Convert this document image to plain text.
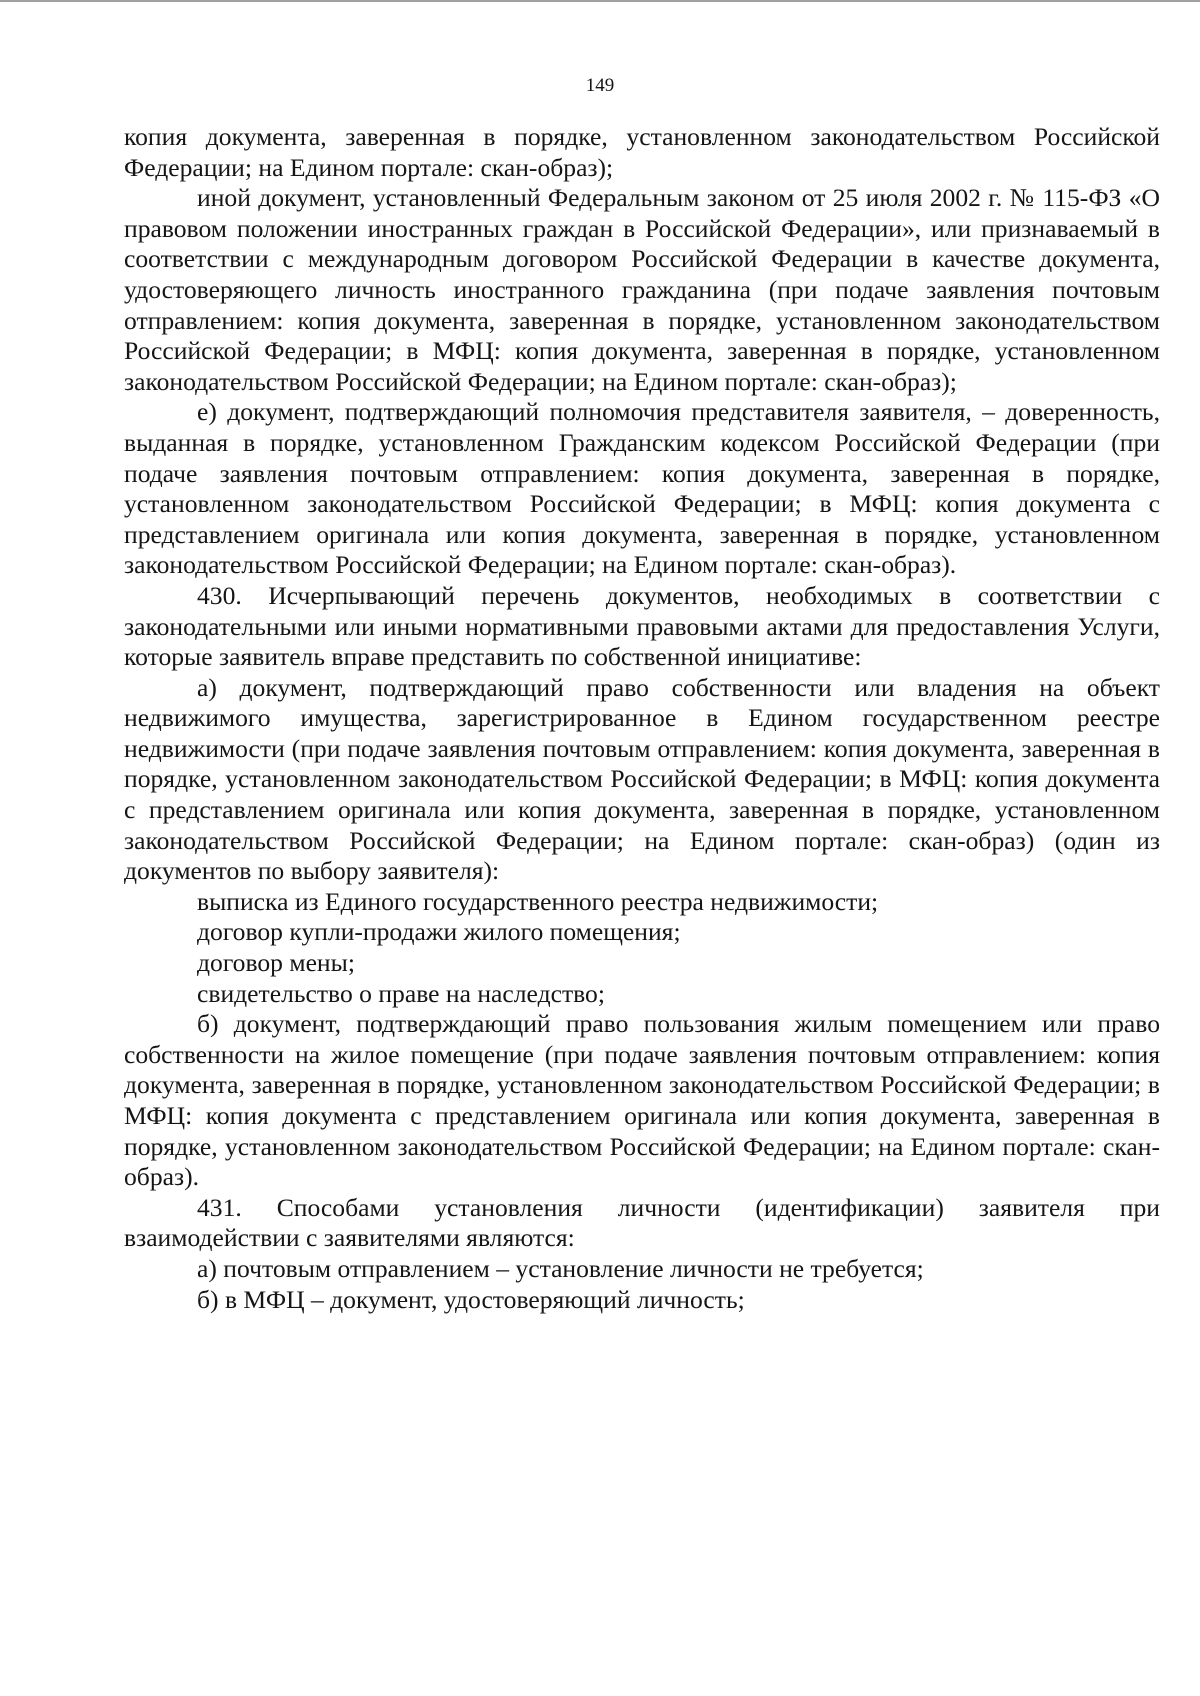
149

копия документа, заверенная в порядке, установленном законодательством Российской Федерации; на Едином портале: скан-образ);

иной документ, установленный Федеральным законом от 25 июля 2002 г. № 115-ФЗ «О правовом положении иностранных граждан в Российской Федерации», или признаваемый в соответствии с международным договором Российской Федерации в качестве документа, удостоверяющего личность иностранного гражданина (при подаче заявления почтовым отправлением: копия документа, заверенная в порядке, установленном законодательством Российской Федерации; в МФЦ: копия документа, заверенная в порядке, установленном законодательством Российской Федерации; на Едином портале: скан-образ);

е) документ, подтверждающий полномочия представителя заявителя, – доверенность, выданная в порядке, установленном Гражданским кодексом Российской Федерации (при подаче заявления почтовым отправлением: копия документа, заверенная в порядке, установленном законодательством Российской Федерации; в МФЦ: копия документа с представлением оригинала или копия документа, заверенная в порядке, установленном законодательством Российской Федерации; на Едином портале: скан-образ).

430. Исчерпывающий перечень документов, необходимых в соответствии с законодательными или иными нормативными правовыми актами для предоставления Услуги, которые заявитель вправе представить по собственной инициативе:

а) документ, подтверждающий право собственности или владения на объект недвижимого имущества, зарегистрированное в Едином государственном реестре недвижимости (при подаче заявления почтовым отправлением: копия документа, заверенная в порядке, установленном законодательством Российской Федерации; в МФЦ: копия документа с представлением оригинала или копия документа, заверенная в порядке, установленном законодательством Российской Федерации; на Едином портале: скан-образ) (один из документов по выбору заявителя):

выписка из Единого государственного реестра недвижимости;

договор купли-продажи жилого помещения;

договор мены;

свидетельство о праве на наследство;

б) документ, подтверждающий право пользования жилым помещением или право собственности на жилое помещение (при подаче заявления почтовым отправлением: копия документа, заверенная в порядке, установленном законодательством Российской Федерации; в МФЦ: копия документа с представлением оригинала или копия документа, заверенная в порядке, установленном законодательством Российской Федерации; на Едином портале: скан-образ).

431. Способами установления личности (идентификации) заявителя при взаимодействии с заявителями являются:

а) почтовым отправлением – установление личности не требуется;

б) в МФЦ – документ, удостоверяющий личность;
